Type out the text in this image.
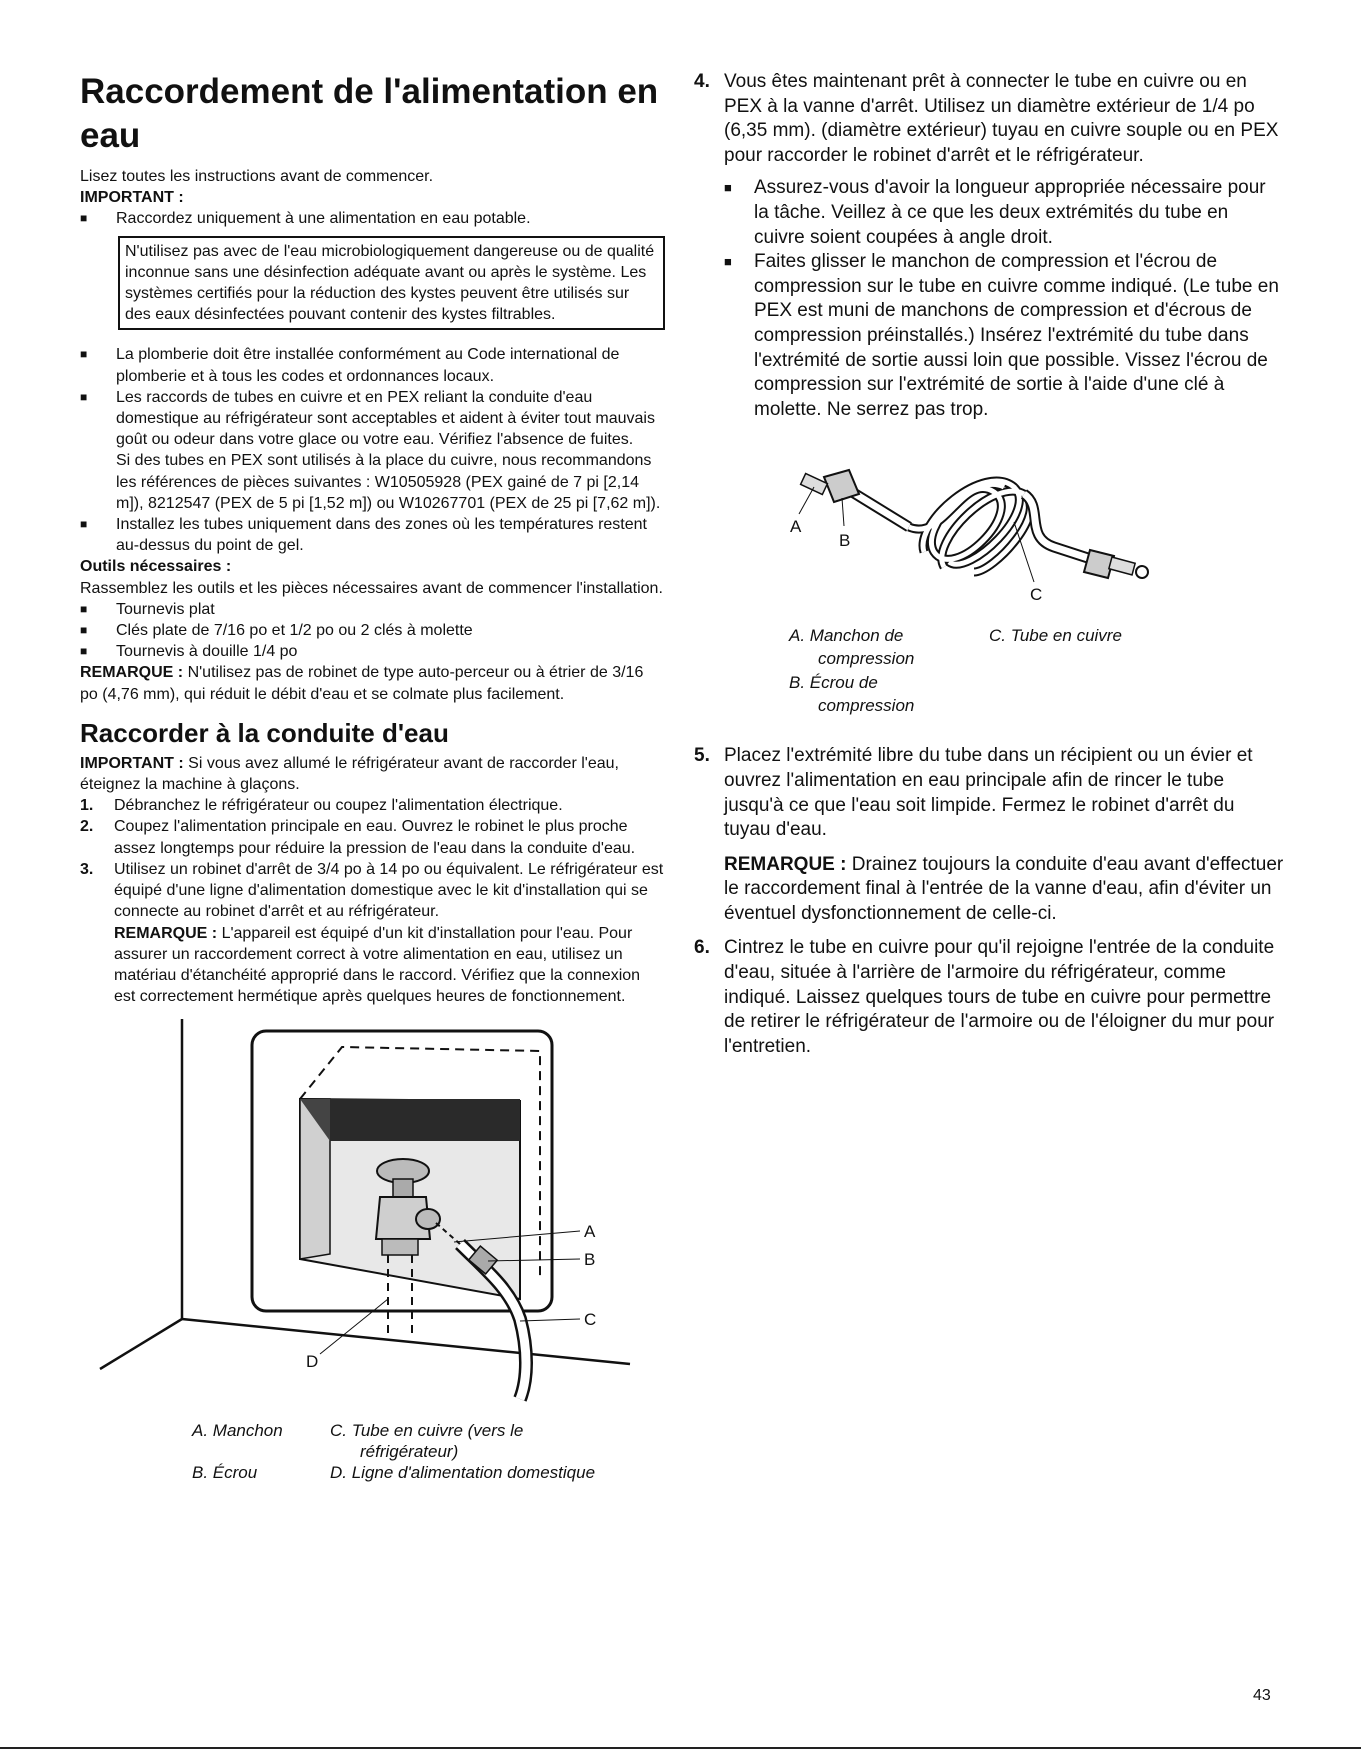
Raccordement de l'alimentation en eau

Lisez toutes les instructions avant de commencer.

IMPORTANT :

■ Raccordez uniquement à une alimentation en eau potable.

N'utilisez pas avec de l'eau microbiologiquement dangereuse ou de qualité inconnue sans une désinfection adéquate avant ou après le système. Les systèmes certifiés pour la réduction des kystes peuvent être utilisés sur des eaux désinfectées pouvant contenir des kystes filtrables.

■ La plomberie doit être installée conformément au Code international de plomberie et à tous les codes et ordonnances locaux.

■ Les raccords de tubes en cuivre et en PEX reliant la conduite d'eau domestique au réfrigérateur sont acceptables et aident à éviter tout mauvais goût ou odeur dans votre glace ou votre eau. Vérifiez l'absence de fuites.

Si des tubes en PEX sont utilisés à la place du cuivre, nous recommandons les références de pièces suivantes : W10505928 (PEX gainé de 7 pi [2,14 m]), 8212547 (PEX de 5 pi [1,52 m]) ou W10267701 (PEX de 25 pi [7,62 m]).

■ Installez les tubes uniquement dans des zones où les températures restent au-dessus du point de gel.

Outils nécessaires :

Rassemblez les outils et les pièces nécessaires avant de commencer l'installation.

■ Tournevis plat

■ Clés plate de 7/16 po et 1/2 po ou 2 clés à molette

■ Tournevis à douille 1/4 po

REMARQUE : N'utilisez pas de robinet de type auto-perceur ou à étrier de 3/16 po (4,76 mm), qui réduit le débit d'eau et se colmate plus facilement.

Raccorder à la conduite d'eau

IMPORTANT : Si vous avez allumé le réfrigérateur avant de raccorder l'eau, éteignez la machine à glaçons.

1. Débranchez le réfrigérateur ou coupez l'alimentation électrique.

2. Coupez l'alimentation principale en eau. Ouvrez le robinet le plus proche assez longtemps pour réduire la pression de l'eau dans la conduite d'eau.

3. Utilisez un robinet d'arrêt de 3/4 po à 14 po ou équivalent. Le réfrigérateur est équipé d'une ligne d'alimentation domestique avec le kit d'installation qui se connecte au robinet d'arrêt et au réfrigérateur.

REMARQUE : L'appareil est équipé d'un kit d'installation pour l'eau. Pour assurer un raccordement correct à votre alimentation en eau, utilisez un matériau d'étanchéité approprié dans le raccord. Vérifiez que la connexion est correctement hermétique après quelques heures de fonctionnement.

A
B
C
D
A. Manchon	C. Tube en cuivre (vers le
réfrigérateur)
B. Écrou	D. Ligne d'alimentation domestique

4. Vous êtes maintenant prêt à connecter le tube en cuivre ou en PEX à la vanne d'arrêt. Utilisez un diamètre extérieur de 1/4 po (6,35 mm). (diamètre extérieur) tuyau en cuivre souple ou en PEX pour raccorder le robinet d'arrêt et le réfrigérateur.

■ Assurez-vous d'avoir la longueur appropriée nécessaire pour la tâche. Veillez à ce que les deux extrémités du tube en cuivre soient coupées à angle droit.

■ Faites glisser le manchon de compression et l'écrou de compression sur le tube en cuivre comme indiqué. (Le tube en PEX est muni de manchons de compression et d'écrous de compression préinstallés.) Insérez l'extrémité du tube dans l'extrémité de sortie aussi loin que possible. Vissez l'écrou de compression sur l'extrémité de sortie à l'aide d'une clé à molette. Ne serrez pas trop.

A
B
C
A. Manchon de
compression
B. Écrou de
compression
C. Tube en cuivre

5. Placez l'extrémité libre du tube dans un récipient ou un évier et ouvrez l'alimentation en eau principale afin de rincer le tube jusqu'à ce que l'eau soit limpide. Fermez le robinet d'arrêt du tuyau d'eau.

REMARQUE : Drainez toujours la conduite d'eau avant d'effectuer le raccordement final à l'entrée de la vanne d'eau, afin d'éviter un éventuel dysfonctionnement de celle-ci.

6. Cintrez le tube en cuivre pour qu'il rejoigne l'entrée de la conduite d'eau, située à l'arrière de l'armoire du réfrigérateur, comme indiqué. Laissez quelques tours de tube en cuivre pour permettre de retirer le réfrigérateur de l'armoire ou de l'éloigner du mur pour l'entretien.

43
